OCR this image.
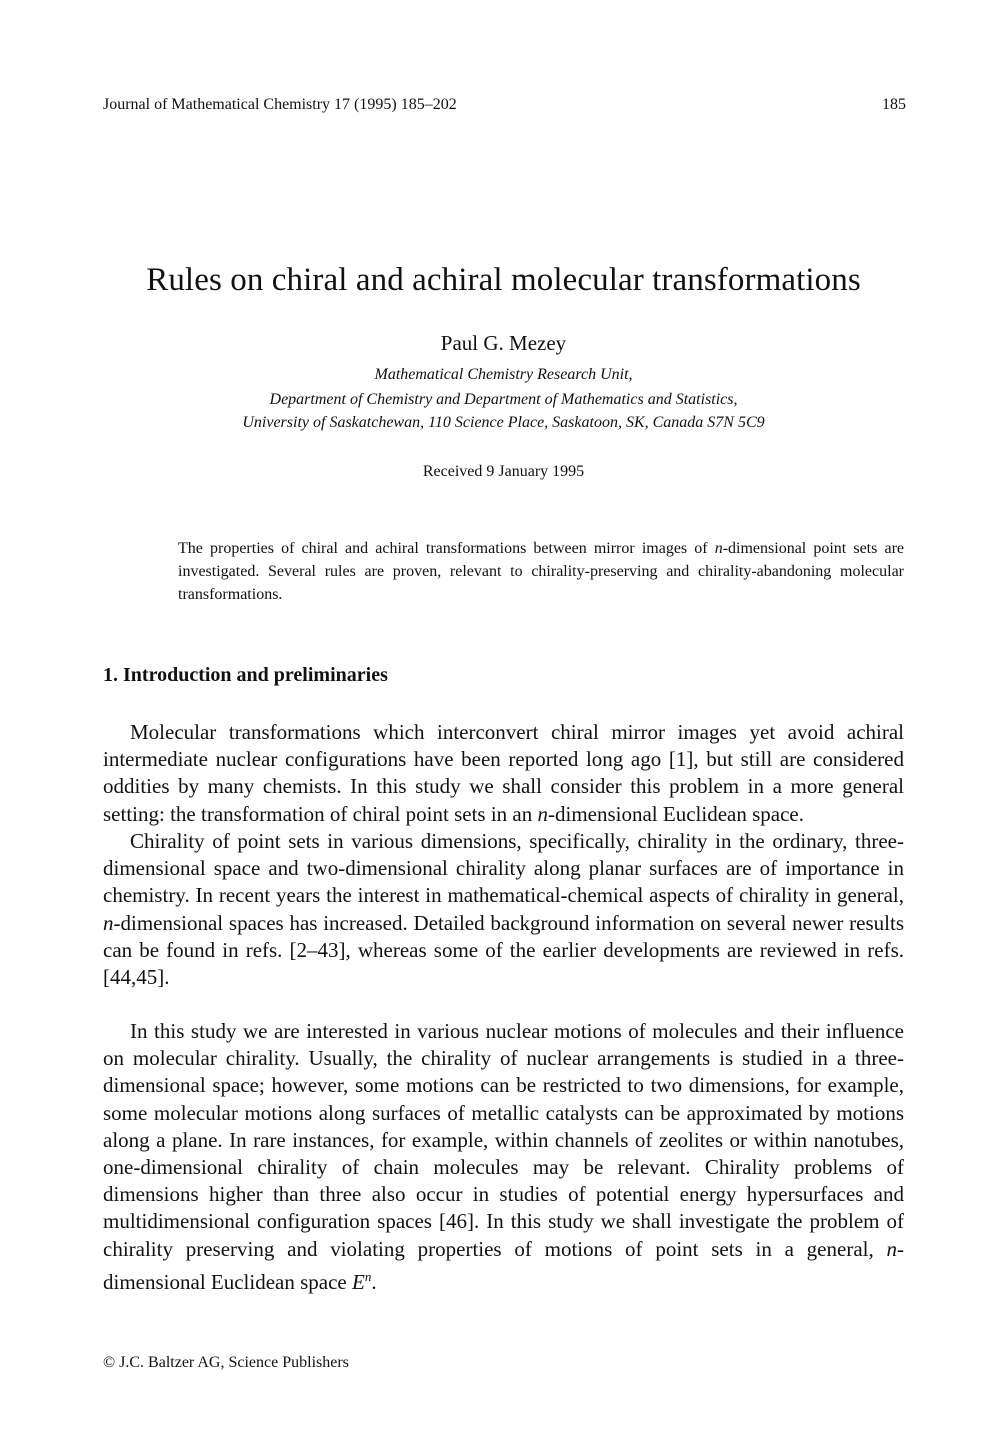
Journal of Mathematical Chemistry 17 (1995) 185–202	185
Rules on chiral and achiral molecular transformations
Paul G. Mezey
Mathematical Chemistry Research Unit,
Department of Chemistry and Department of Mathematics and Statistics,
University of Saskatchewan, 110 Science Place, Saskatoon, SK, Canada S7N 5C9
Received 9 January 1995
The properties of chiral and achiral transformations between mirror images of n-dimensional point sets are investigated. Several rules are proven, relevant to chirality-preserving and chirality-abandoning molecular transformations.
1. Introduction and preliminaries

Molecular transformations which interconvert chiral mirror images yet avoid achiral intermediate nuclear configurations have been reported long ago [1], but still are considered oddities by many chemists. In this study we shall consider this problem in a more general setting: the transformation of chiral point sets in an n-dimensional Euclidean space.

Chirality of point sets in various dimensions, specifically, chirality in the ordinary, three-dimensional space and two-dimensional chirality along planar surfaces are of importance in chemistry. In recent years the interest in mathematical-chemical aspects of chirality in general, n-dimensional spaces has increased. Detailed background information on several newer results can be found in refs. [2–43], whereas some of the earlier developments are reviewed in refs. [44,45].

In this study we are interested in various nuclear motions of molecules and their influence on molecular chirality. Usually, the chirality of nuclear arrangements is studied in a three-dimensional space; however, some motions can be restricted to two dimensions, for example, some molecular motions along surfaces of metallic catalysts can be approximated by motions along a plane. In rare instances, for example, within channels of zeolites or within nanotubes, one-dimensional chirality of chain molecules may be relevant. Chirality problems of dimensions higher than three also occur in studies of potential energy hypersurfaces and multidimensional configuration spaces [46]. In this study we shall investigate the problem of chirality preserving and violating properties of motions of point sets in a general, n-dimensional Euclidean space $E^n$.

© J.C. Baltzer AG, Science Publishers
